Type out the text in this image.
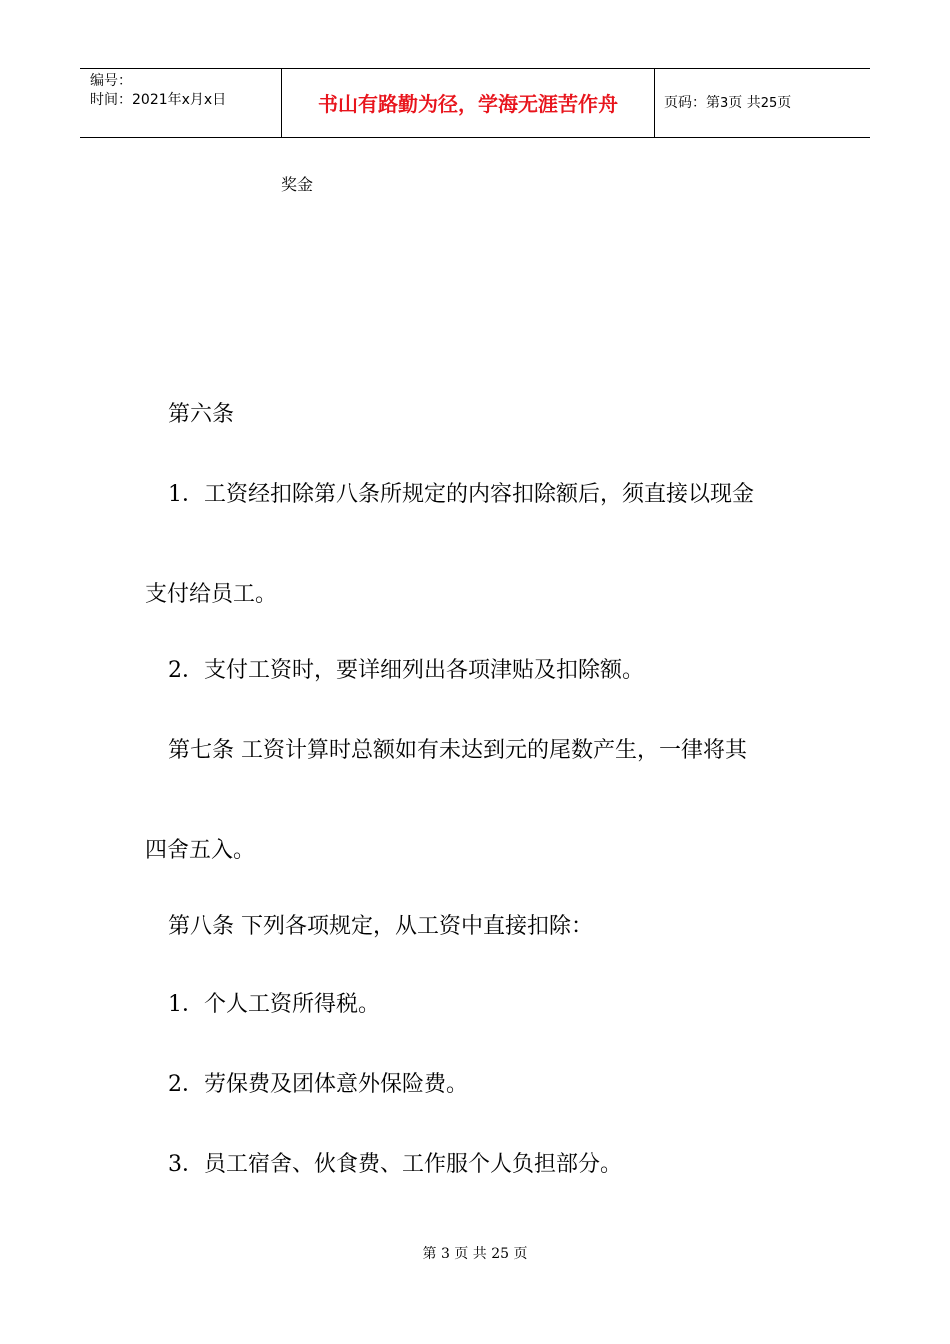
编号：
时间：2021年x月x日	书山有路勤为径，学海无涯苦作舟	页码：第3页 共25页
奖金
第六条
1．工资经扣除第八条所规定的内容扣除额后，须直接以现金
支付给员工。
2．支付工资时，要详细列出各项津贴及扣除额。
第七条 工资计算时总额如有未达到元的尾数产生，一律将其
四舍五入。
第八条 下列各项规定，从工资中直接扣除：
1．个人工资所得税。
2．劳保费及团体意外保险费。
3．员工宿舍、伙食费、工作服个人负担部分。
第 3 页 共 25 页
